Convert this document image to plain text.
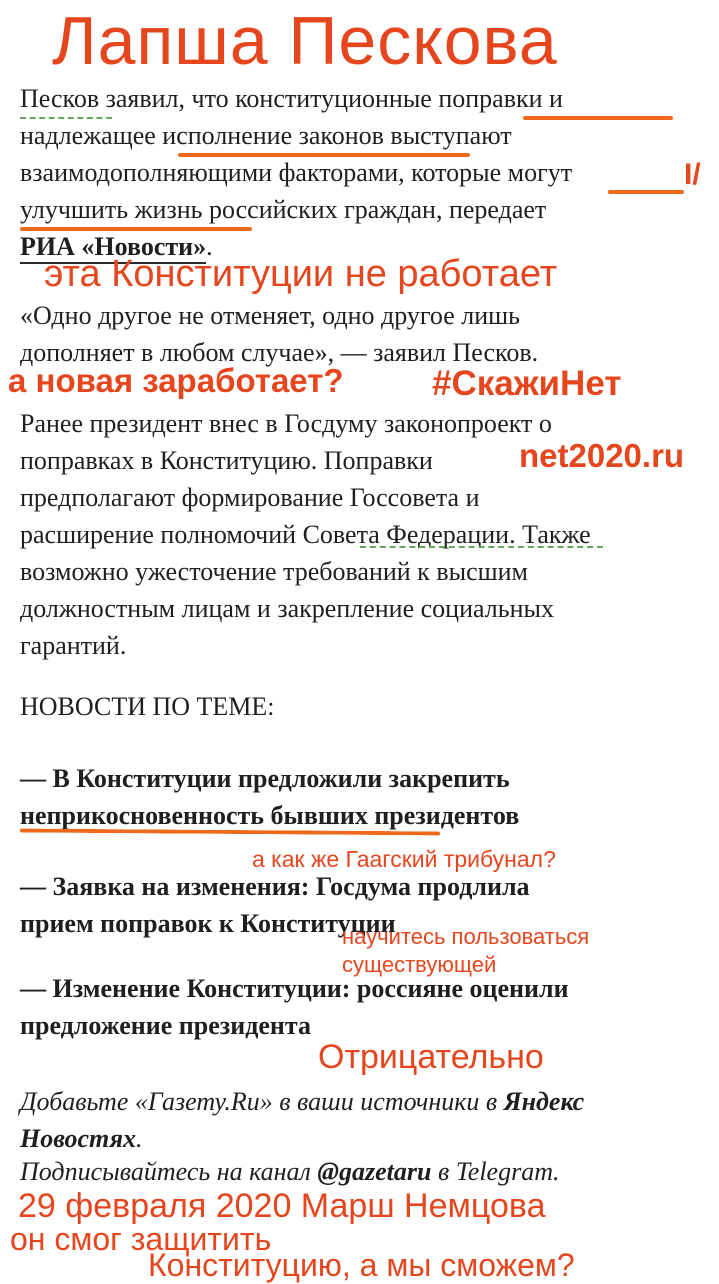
Лапша Пескова
Песков заявил, что конституционные поправки и
надлежащее исполнение законов выступают
взаимодополняющими факторами, которые могут
улучшить жизнь российских граждан, передает
РИА «Новости».
I/
эта Конституции не работает
«Одно другое не отменяет, одно другое лишь
дополняет в любом случае», — заявил Песков.
а новая заработает?	#СкажиНет
Ранее президент внес в Госдуму законопроект о
поправках в Конституцию. Поправки
предполагают формирование Госсовета и
расширение полномочий Совета Федерации. Также
возможно ужесточение требований к высшим
должностным лицам и закрепление социальных
гарантий.
net2020.ru
НОВОСТИ ПО ТЕМЕ:
— В Конституции предложили закрепить
неприкосновенность бывших президентов
а как же Гаагский трибунал?
— Заявка на изменения: Госдума продлила
прием поправок к Конституции
научитесь пользоваться
существующей
— Изменение Конституции: россияне оценили
предложение президента
Отрицательно
Добавьте «Газету.Ru» в ваши источники в Яндекс
Новостях.
Подписывайтесь на канал @gazetaru в Telegram.
29 февраля 2020 Марш Немцова
он смог защитить
Конституцию, а мы сможем?
